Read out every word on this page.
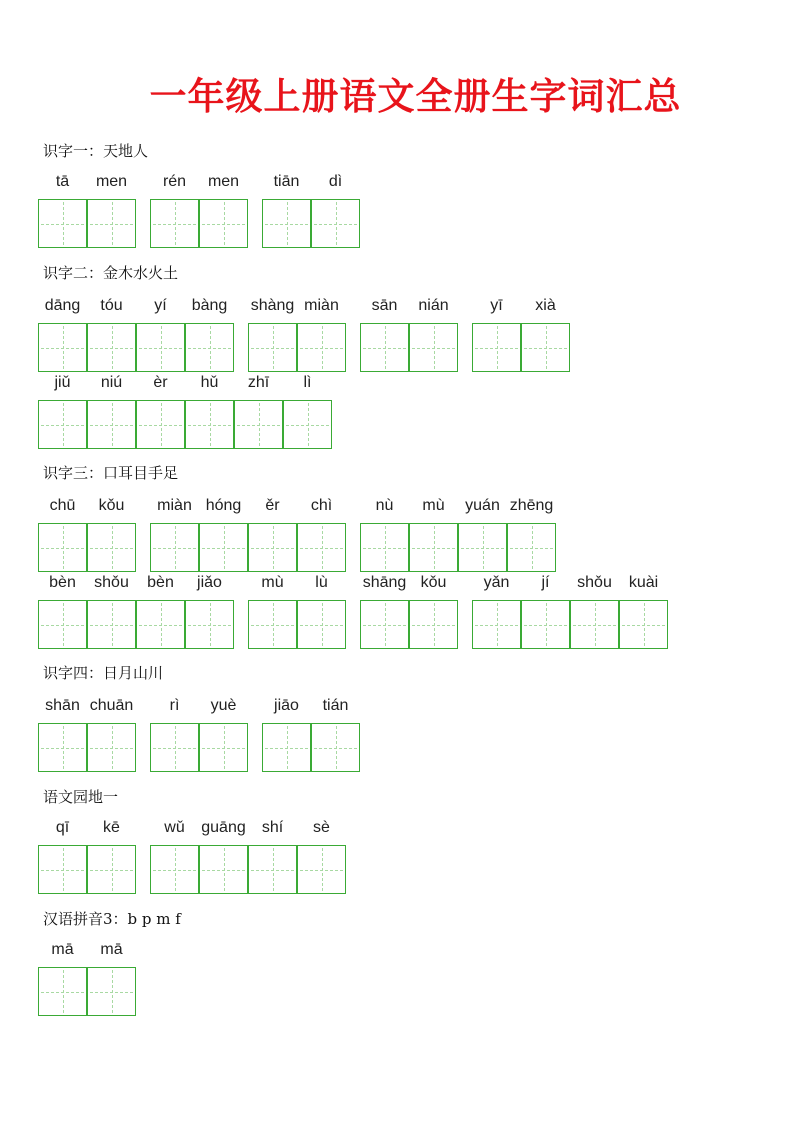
一年级上册语文全册生字词汇总
识字一：天地人
tā	men	rén	men	tiān	dì
识字二：金木水火土
dāng	tóu	yí	bàng	shàng miàn	sān	nián	yī	xià
jiǔ	niú	èr	hǔ	zhī	lì
识字三：口耳目手足
chū	kǒu	miàn hóng	ěr	chì	nù	mù	yuán zhēng
bèn	shǒu	bèn	jiǎo	mù	lù	shāng kǒu	yǎn	jí	shǒu	kuài
识字四：日月山川
shān chuān	rì	yuè	jiāo	tián
语文园地一
qī	kē	wǔ	guāng	shí	sè
汉语拼音3：b p m f
mā	mā
